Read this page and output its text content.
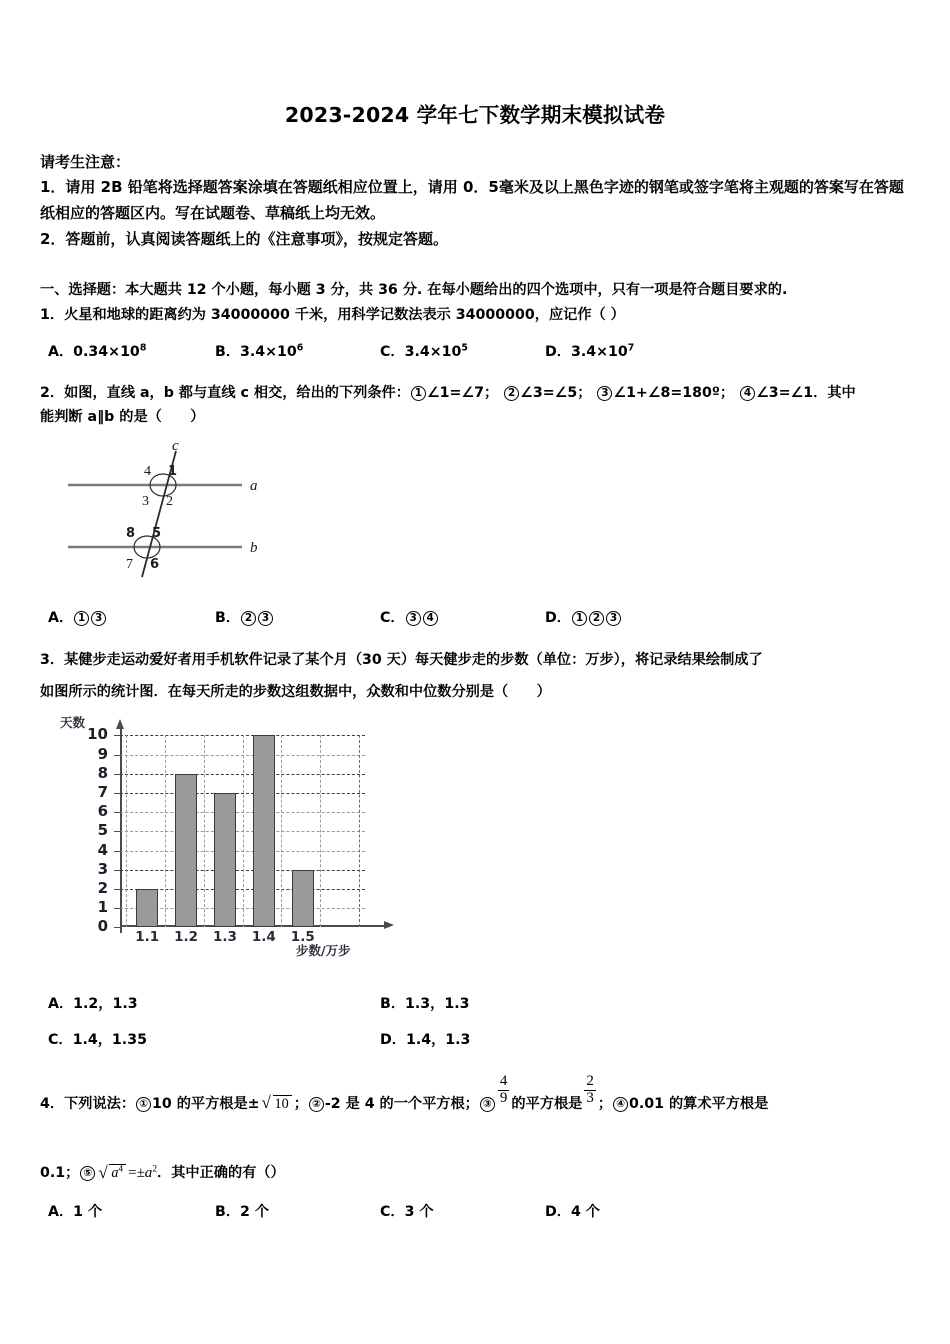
2023-2024 学年七下数学期末模拟试卷
请考生注意：
1．请用 2B 铅笔将选择题答案涂填在答题纸相应位置上，请用 0．5毫米及以上黑色字迹的钢笔或签字笔将主观题的答案写在答题纸相应的答题区内。写在试题卷、草稿纸上均无效。
2．答题前，认真阅读答题纸上的《注意事项》，按规定答题。
一、选择题：本大题共 12 个小题，每小题 3 分，共 36 分. 在每小题给出的四个选项中，只有一项是符合题目要求的.
1．火星和地球的距离约为 34000000 千米，用科学记数法表示 34000000，应记作（ ）
A．$0.34\times 10^8$	B．$3.4\times 10^6$	C．$3.4\times 10^5$	D．$3.4\times 10^7$
2．如图，直线 a，b 都与直线 c 相交，给出的下列条件： 1 ∠1=∠7； 2 ∠3=∠5； 3 ∠1+∠8=180º； 4 ∠3=∠1．其中
能判断 a‖b 的是（　　）
a
b
c
1
2
3
4
5
6
7
8
A． 1 3	B． 2 3	C． 3 4	D． 1 2 3
3．某健步走运动爱好者用手机软件记录了某个月（30 天）每天健步走的步数（单位：万步），将记录结果绘制成了
如图所示的统计图．在每天所走的步数这组数据中，众数和中位数分别是（　　）
天数
步数/万步
0
1
2
3
4
5
6
7
8
9
10
1.1	1.2	1.3	1.4	1.5
A．1.2，1.3	B．1.3，1.3
C．1.4，1.35	D．1.4，1.3
4．下列说法： ① 10 的平方根是± √ 10 ； ② -2 是 4 的一个平方根； ③ $\frac{4}{9}$ 的平方根是 $\frac{2}{3}$ ； ④ 0.01 的算术平方根是
0.1； ⑤ √ $a^4 =\pm a^2$．其中正确的有（）
A．1 个	B．2 个	C．3 个	D．4 个
